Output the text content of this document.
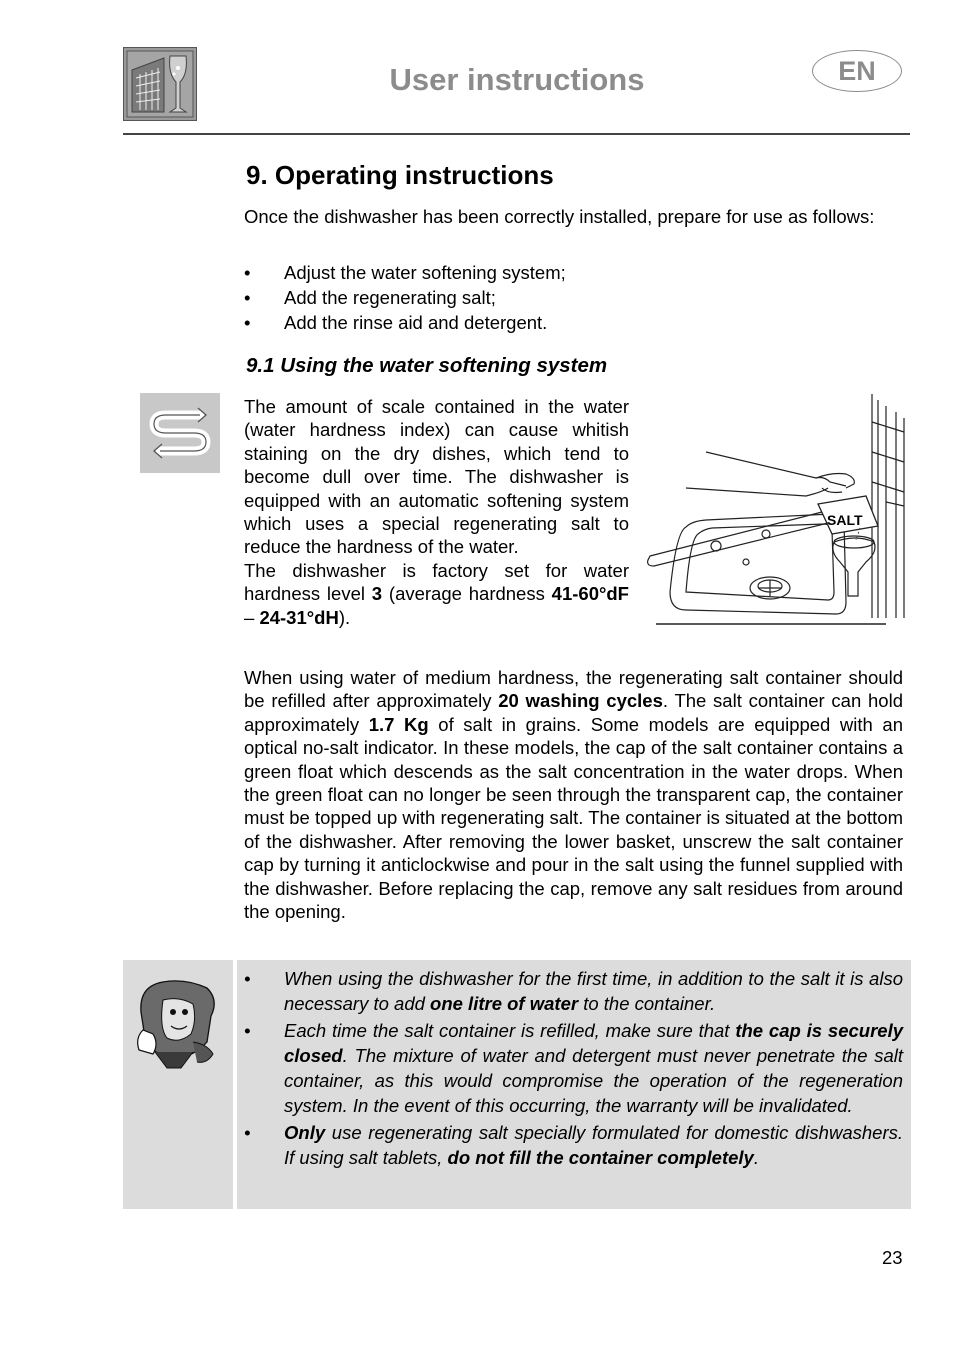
User instructions	EN
9. Operating instructions
Once the dishwasher has been correctly installed, prepare for use as follows:
• Adjust the water softening system;
• Add the regenerating salt;
• Add the rinse aid and detergent.
9.1 Using the water softening system
The amount of scale contained in the water (water hardness index) can cause whitish staining on the dry dishes, which tend to become dull over time. The dishwasher is equipped with an automatic softening system which uses a special regenerating salt to reduce the hardness of the water.
The dishwasher is factory set for water hardness level 3 (average hardness 41-60°dF – 24-31°dH).
SALT
When using water of medium hardness, the regenerating salt container should be refilled after approximately 20 washing cycles. The salt container can hold approximately 1.7 Kg of salt in grains. Some models are equipped with an optical no-salt indicator. In these models, the cap of the salt container contains a green float which descends as the salt concentration in the water drops. When the green float can no longer be seen through the transparent cap, the container must be topped up with regenerating salt. The container is situated at the bottom of the dishwasher. After removing the lower basket, unscrew the salt container cap by turning it anticlockwise and pour in the salt using the funnel supplied with the dishwasher. Before replacing the cap, remove any salt residues from around the opening.
• When using the dishwasher for the first time, in addition to the salt it is also necessary to add one litre of water to the container.
• Each time the salt container is refilled, make sure that the cap is securely closed. The mixture of water and detergent must never penetrate the salt container, as this would compromise the operation of the regeneration system. In the event of this occurring, the warranty will be invalidated.
• Only use regenerating salt specially formulated for domestic dishwashers. If using salt tablets, do not fill the container completely.
23
